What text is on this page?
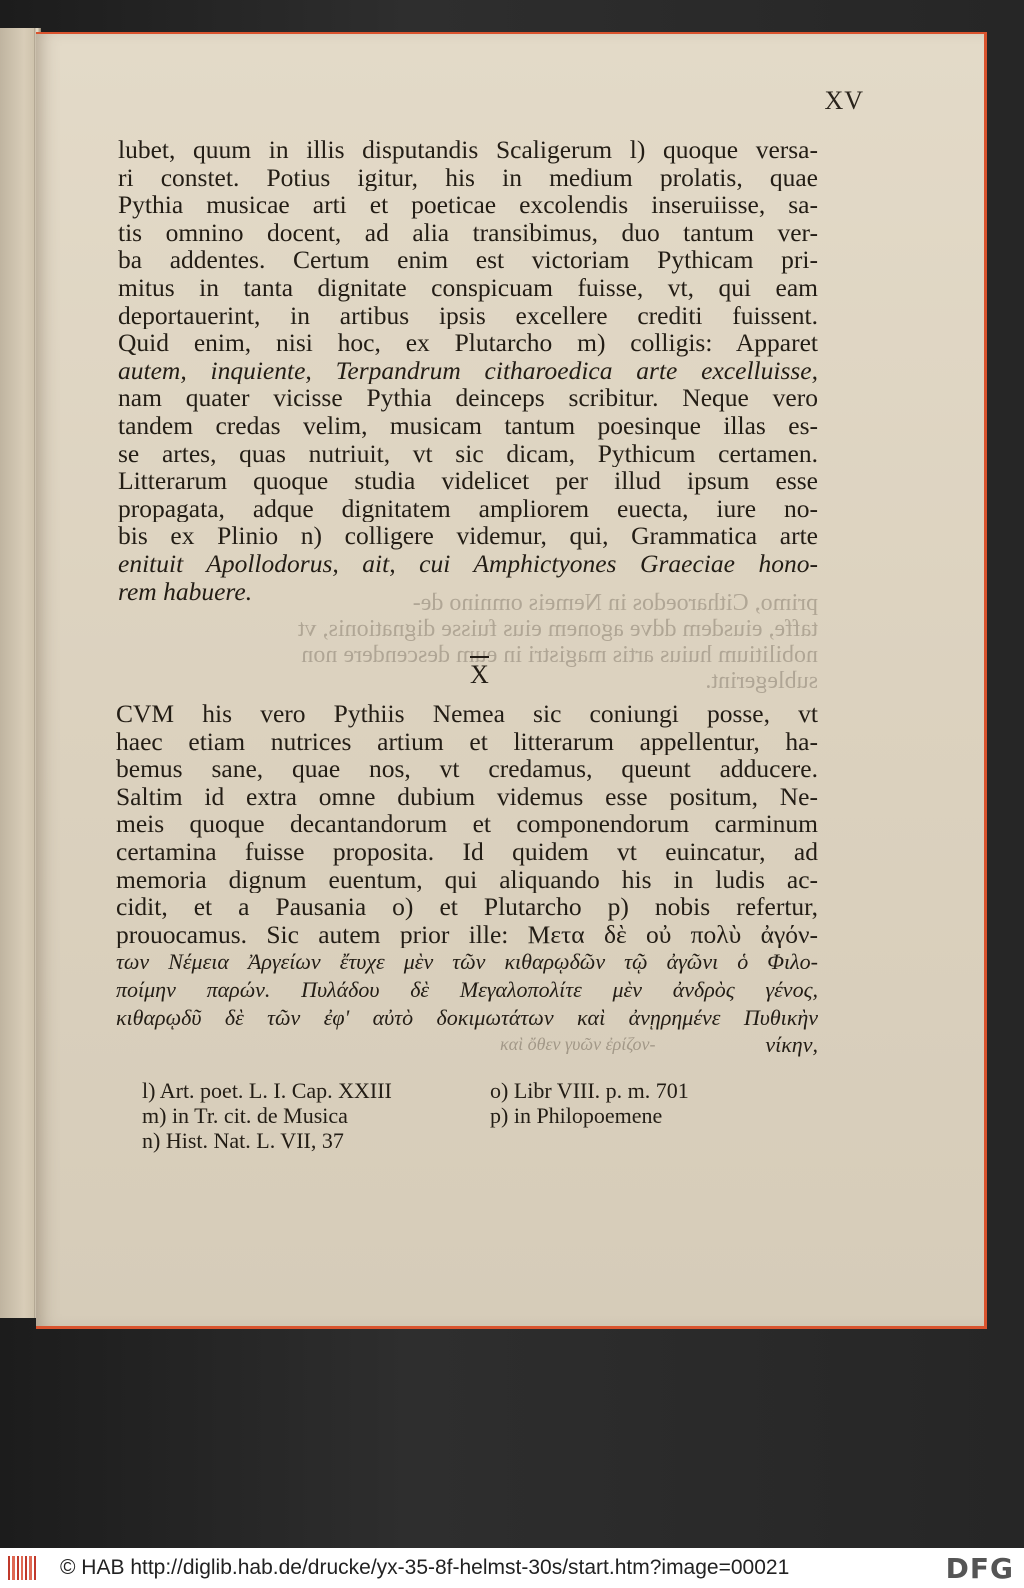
XV
lubet, quum in illis disputandis Scaligerum l) quoque versa-
ri constet. Potius igitur, his in medium prolatis, quae
Pythia musicae arti et poeticae excolendis inseruiisse, sa-
tis omnino docent, ad alia transibimus, duo tantum ver-
ba addentes. Certum enim est victoriam Pythicam pri-
mitus in tanta dignitate conspicuam fuisse, vt, qui eam
deportauerint, in artibus ipsis excellere crediti fuissent.
Quid enim, nisi hoc, ex Plutarcho m) colligis: Apparet
autem, inquiente, Terpandrum citharoedica arte excelluisse,
nam quater vicisse Pythia deinceps scribitur. Neque vero
tandem credas velim, musicam tantum poesinque illas es-
se artes, quas nutriuit, vt sic dicam, Pythicum certamen.
Litterarum quoque studia videlicet per illud ipsum esse
propagata, adque dignitatem ampliorem euecta, iure no-
bis ex Plinio n) colligere videmur, qui, Grammatica arte
enituit Apollodorus, ait, cui Amphictyones Graeciae hono-
rem habuere.	primo, Citharoedos in Nemeis omnino de-
taffe, eiusdem ddve agonem eius fuisse dignationis, vt
nobilitium huius artis magistri in eum descendere non
sublegerint.
X
CVM his vero Pythiis Nemea sic coniungi posse, vt
haec etiam nutrices artium et litterarum appellentur, ha-
bemus sane, quae nos, vt credamus, queunt adducere.
Saltim id extra omne dubium videmus esse positum, Ne-
meis quoque decantandorum et componendorum carminum
certamina fuisse proposita. Id quidem vt euincatur, ad
memoria dignum euentum, qui aliquando his in ludis ac-
cidit, et a Pausania o) et Plutarcho p) nobis refertur,
prouocamus. Sic autem prior ille: Μετα δὲ οὐ πολὺ ἀγόν-
των Νέμεια Ἀργείων ἔτυχε μὲν τῶν κιθαρῳδῶν τῷ ἀγῶνι ὁ Φιλο-
ποίμην παρών. Πυλάδου δὲ Μεγαλοπολίτε μὲν ἀνδρὸς γένος,
κιθαρῳδῦ δὲ τῶν ἐφ' αὐτὸ δοκιμωτάτων καὶ ἀνῃρημένε Πυθικὴν
νίκην,
καὶ ὄθεν γυῶν ἐρίζον-
l) Art. poet. L. I. Cap. XXIII
m) in Tr. cit. de Musica
n) Hist. Nat. L. VII, 37
o) Libr VIII. p. m. 701
p) in Philopoemene
© HAB http://diglib.hab.de/drucke/yx-35-8f-helmst-30s/start.htm?image=00021	DFG
